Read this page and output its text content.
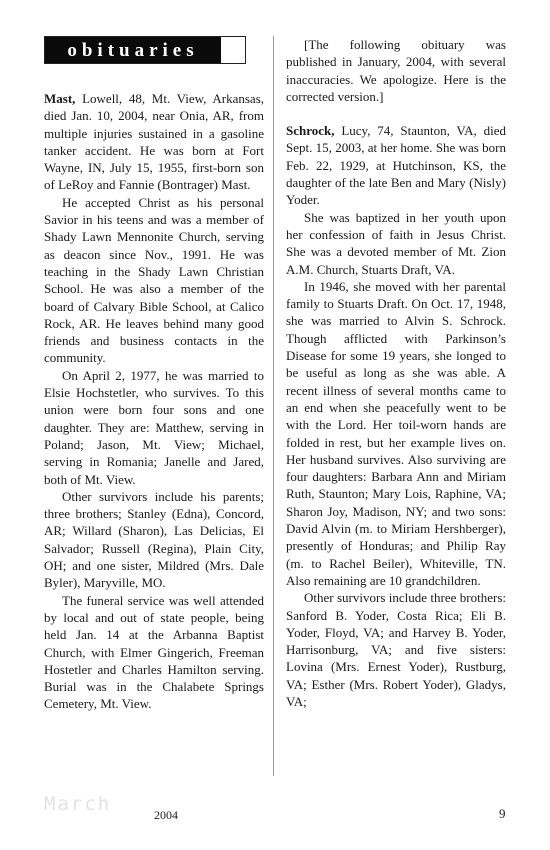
obituaries

Mast, Lowell, 48, Mt. View, Arkansas, died Jan. 10, 2004, near Onia, AR, from multiple injuries sustained in a gasoline tanker accident. He was born at Fort Wayne, IN, July 15, 1955, first-born son of LeRoy and Fannie (Bontrager) Mast.

He accepted Christ as his personal Savior in his teens and was a member of Shady Lawn Mennonite Church, serving as deacon since Nov., 1991. He was teaching in the Shady Lawn Christian School. He was also a member of the board of Calvary Bible School, at Calico Rock, AR. He leaves behind many good friends and business contacts in the community.

On April 2, 1977, he was married to Elsie Hochstetler, who survives. To this union were born four sons and one daughter. They are: Matthew, serving in Poland; Jason, Mt. View; Michael, serving in Romania; Janelle and Jared, both of Mt. View.

Other survivors include his parents; three brothers; Stanley (Edna), Concord, AR; Willard (Sharon), Las Delicias, El Salvador; Russell (Regina), Plain City, OH; and one sister, Mildred (Mrs. Dale Byler), Maryville, MO.

The funeral service was well attended by local and out of state people, being held Jan. 14 at the Arbanna Baptist Church, with Elmer Gingerich, Freeman Hostetler and Charles Hamilton serving. Burial was in the Chalabete Springs Cemetery, Mt. View.

[The following obituary was published in January, 2004, with several inaccuracies. We apologize. Here is the corrected version.]

Schrock, Lucy, 74, Staunton, VA, died Sept. 15, 2003, at her home. She was born Feb. 22, 1929, at Hutchinson, KS, the daughter of the late Ben and Mary (Nisly) Yoder.

She was baptized in her youth upon her confession of faith in Jesus Christ. She was a devoted member of Mt. Zion A.M. Church, Stuarts Draft, VA.

In 1946, she moved with her parental family to Stuarts Draft. On Oct. 17, 1948, she was married to Alvin S. Schrock. Though afflicted with Parkinson’s Disease for some 19 years, she longed to be useful as long as she was able. A recent illness of several months came to an end when she peacefully went to be with the Lord. Her toil-worn hands are folded in rest, but her example lives on. Her husband survives. Also surviving are four daughters: Barbara Ann and Miriam Ruth, Staunton; Mary Lois, Raphine, VA; Sharon Joy, Madison, NY; and two sons: David Alvin (m. to Miriam Hershberger), presently of Honduras; and Philip Ray (m. to Rachel Beiler), Whiteville, TN. Also remaining are 10 grandchildren.

Other survivors include three brothers: Sanford B. Yoder, Costa Rica; Eli B. Yoder, Floyd, VA; and Harvey B. Yoder, Harrisonburg, VA; and five sisters: Lovina (Mrs. Ernest Yoder), Rustburg, VA; Esther (Mrs. Robert Yoder), Gladys, VA;

March	2004	9
